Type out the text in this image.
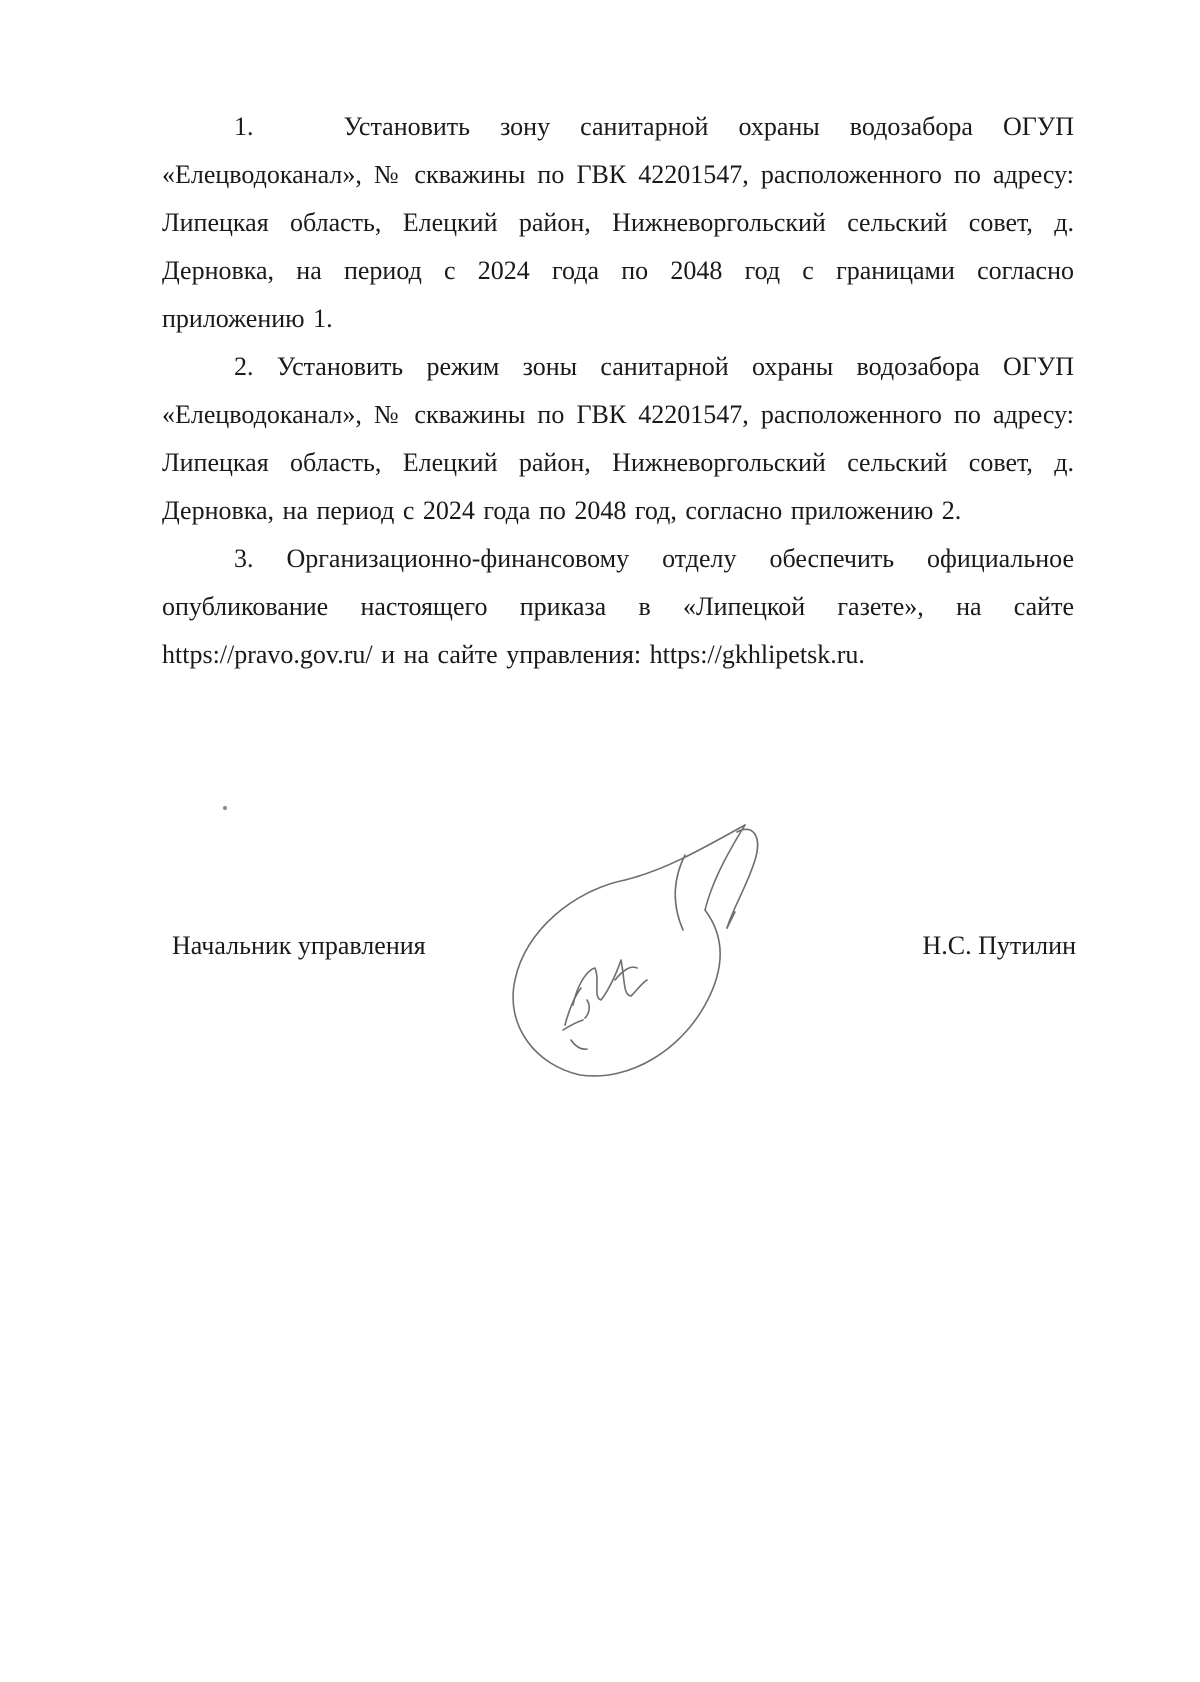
1.   Установить зону санитарной охраны водозабора ОГУП «Елецводоканал», № скважины по ГВК 42201547, расположенного по адресу: Липецкая область, Елецкий район, Нижневоргольский сельский совет, д. Дерновка, на период с 2024 года по 2048 год с границами согласно приложению 1.

2. Установить режим зоны санитарной охраны водозабора ОГУП «Елецводоканал», № скважины по ГВК 42201547, расположенного по адресу: Липецкая область, Елецкий район, Нижневоргольский сельский совет, д. Дерновка, на период с 2024 года по 2048 год, согласно приложению 2.

3. Организационно-финансовому отделу обеспечить официальное опубликование настоящего приказа в «Липецкой газете», на сайте https://pravo.gov.ru/ и на сайте управления: https://gkhlipetsk.ru.

Начальник управления	Н.С. Путилин
